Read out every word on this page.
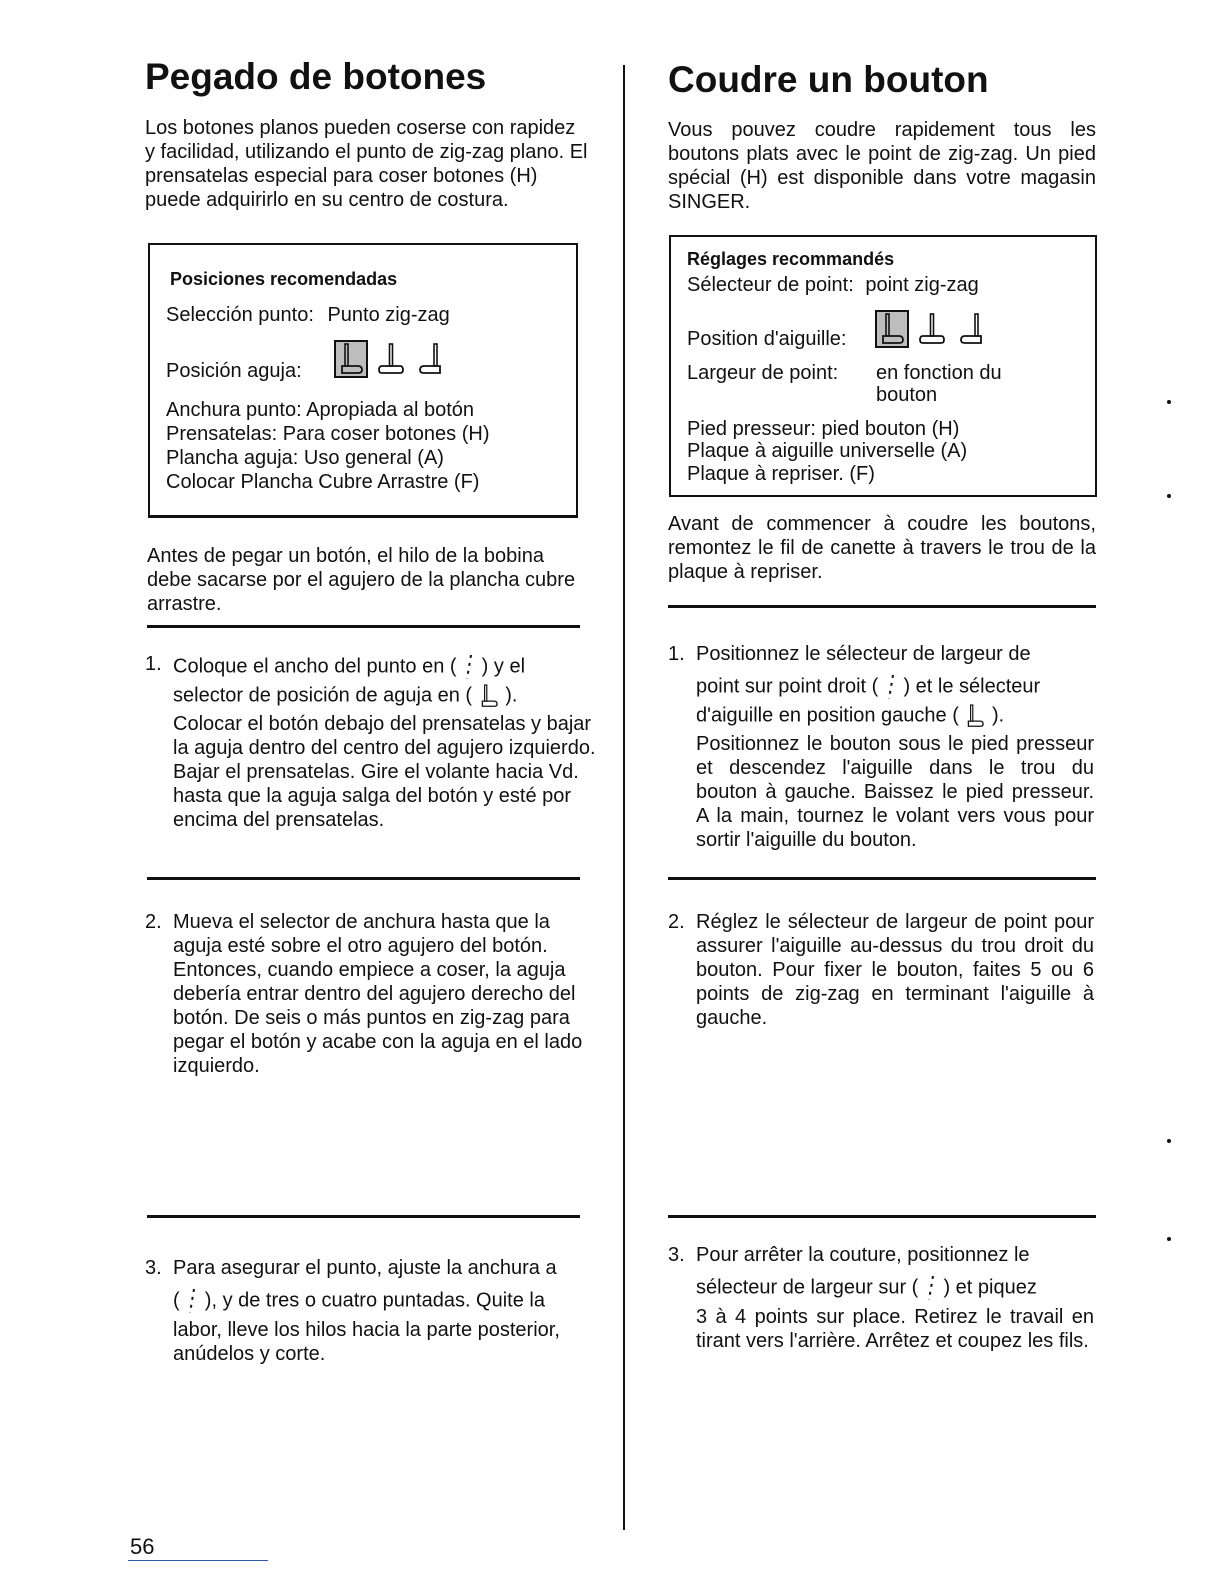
Pegado de botones

Los botones planos pueden coserse con rapidez y facilidad, utilizando el punto de zig-zag plano. El prensatelas especial para coser botones (H) puede adquirirlo en su centro de costura.

Posiciones recomendadas
Selección punto: Punto zig-zag
Posición aguja:
Anchura punto: Apropiada al botón
Prensatelas: Para coser botones (H)
Plancha aguja: Uso general (A)
Colocar Plancha Cubre Arrastre (F)

Antes de pegar un botón, el hilo de la bobina debe sacarse por el agujero de la plancha cubre arrastre.

1. Coloque el ancho del punto en ( ) y el
selector de posición de aguja en ( ).
Colocar el botón debajo del prensatelas y bajar la aguja dentro del centro del agujero izquierdo. Bajar el prensatelas. Gire el volante hacia Vd. hasta que la aguja salga del botón y esté por encima del prensatelas.
2. Mueva el selector de anchura hasta que la aguja esté sobre el otro agujero del botón. Entonces, cuando empiece a coser, la aguja debería entrar dentro del agujero derecho del botón. De seis o más puntos en zig-zag para pegar el botón y acabe con la aguja en el lado izquierdo.
3. Para asegurar el punto, ajuste la anchura a
( ), y de tres o cuatro puntadas. Quite la
labor, lleve los hilos hacia la parte posterior, anúdelos y corte.
Coudre un bouton

Vous pouvez coudre rapidement tous les boutons plats avec le point de zig-zag. Un pied spécial (H) est disponible dans votre magasin SINGER.

Réglages recommandés
Sélecteur de point: point zig-zag
Position d'aiguille:
Largeur de point: en fonction du
bouton
Pied presseur: pied bouton (H)
Plaque à aiguille universelle (A)
Plaque à repriser. (F)

Avant de commencer à coudre les boutons, remontez le fil de canette à travers le trou de la plaque à repriser.

1. Positionnez le sélecteur de largeur de
point sur point droit ( ) et le sélecteur
d'aiguille en position gauche ( ).
Positionnez le bouton sous le pied presseur et descendez l'aiguille dans le trou du bouton à gauche. Baissez le pied presseur. A la main, tournez le volant vers vous pour sortir l'aiguille du bouton.
2. Réglez le sélecteur de largeur de point pour assurer l'aiguille au-dessus du trou droit du bouton. Pour fixer le bouton, faites 5 ou 6 points de zig-zag en terminant l'aiguille à gauche.
3. Pour arrêter la couture, positionnez le
sélecteur de largeur sur ( ) et piquez
3 à 4 points sur place. Retirez le travail en tirant vers l'arrière. Arrêtez et coupez les fils.
56
